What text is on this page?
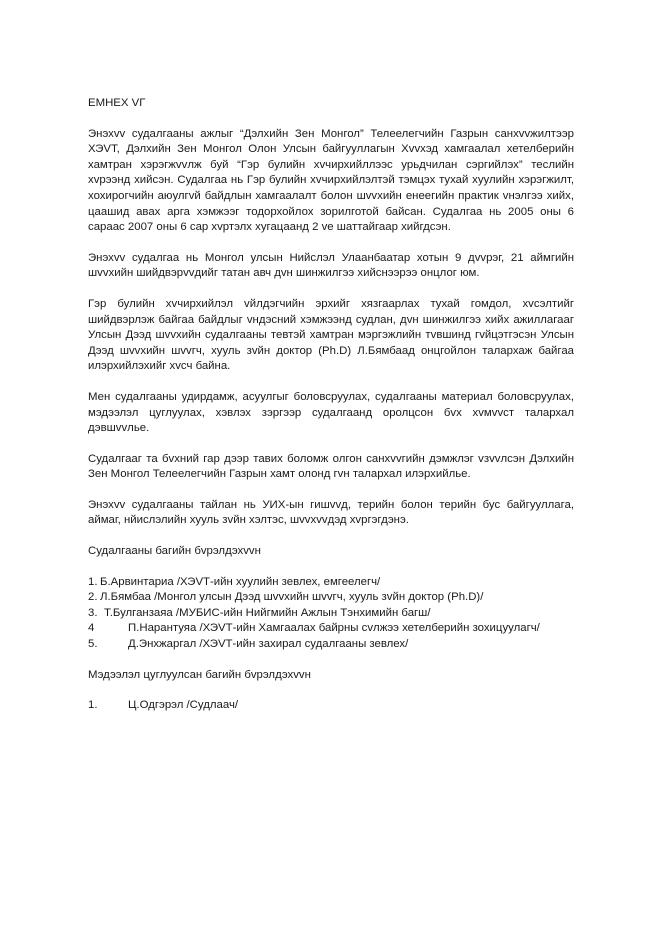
ЕМНЕХ VГ

Энэхvv судалгааны ажлыг “Дэлхийн Зен Монгол” Телеелегчийн Газрын санхvvжилтээр ХЭVТ, Дэлхийн Зен Монгол Олон Улсын байгууллагын Хvvхэд хамгаалал хетелберийн хамтран хэрэгжvvлж буй “Гэр булийн хvчирхийллээс урьдчилан сэргийлэх” теслийн хvрээнд хийсэн. Судалгаа нь Гэр булийн хvчирхийлэлтэй тэмцэх тухай хуулийн хэрэгжилт, хохирогчийн аюулгvй байдлын хамгаалалт болон шvvхийн енеегийн практик vнэлгээ хийх, цаашид авах арга хэмжээг тодорхойлох зорилготой байсан. Судалгаа нь 2005 оны 6 сараас 2007 оны 6 сар хvртэлх хугацаанд 2 vе шаттайгаар хийгдсэн.

Энэхvv судалгаа нь Монгол улсын Нийслэл Улаанбаатар хотын 9 дvvрэг, 21 аймгийн шvvхийн шийдвэрvvдийг татан авч дvн шинжилгээ хийснээрээ онцлог юм.

Гэр булийн хvчирхийлэл vйлдэгчийн эрхийг хязгаарлах тухай гомдол, хvсэлтийг шийдвэрлэж байгаа байдлыг vндэсний хэмжээнд судлан, дvн шинжилгээ хийх ажиллагааг Улсын Дээд шvvхийн судалгааны тевтэй хамтран мэргэжлийн тvвшинд гvйцэтгэсэн Улсын Дээд шvvхийн шvvгч, хууль зvйн доктор (Ph.D) Л.Бямбаад онцгойлон талархаж байгаа илэрхийлэхийг хvсч байна.

Мен судалгааны удирдамж, асуулгыг боловсруулах, судалгааны материал боловсруулах, мэдээлэл цуглуулах, хэвлэх зэргээр судалгаанд оролцсон бvх хvмvvст талархал дэвшvvлье.

Судалгааг та бvхний гар дээр тавих боломж олгон санхvvгийн дэмжлэг vзvvлсэн Дэлхийн Зен Монгол Телеелегчийн Газрын хамт олонд гvн талархал илэрхийлье.

Энэхvv судалгааны тайлан нь УИХ-ын гишvvд, терийн болон терийн бус байгууллага, аймаг, нйислэлийн хууль зvйн хэлтэс, шvvхvvдэд хvргэгдэнэ.

Судалгааны багийн бvрэлдэхvvн
1. Б.Арвинтариа /ХЭVТ-ийн хуулийн зевлех, емгеелегч/
2. Л.Бямбаа /Монгол улсын Дээд шvvхийн шvvгч, хууль зvйн доктор (Ph.D)/
3. Т.Булганзаяа /МУБИС-ийн Нийгмийн Ажлын Тэнхимийн багш/
4	П.Нарантуяа /ХЭVТ-ийн Хамгаалах байрны сvлжээ хетелберийн зохицуулагч/
5.	Д.Энхжаргал /ХЭVТ-ийн захирал судалгааны зевлех/
Мэдээлэл цуглуулсан багийн бvрэлдэхvvн
1.	Ц.Одгэрэл /Судлаач/
